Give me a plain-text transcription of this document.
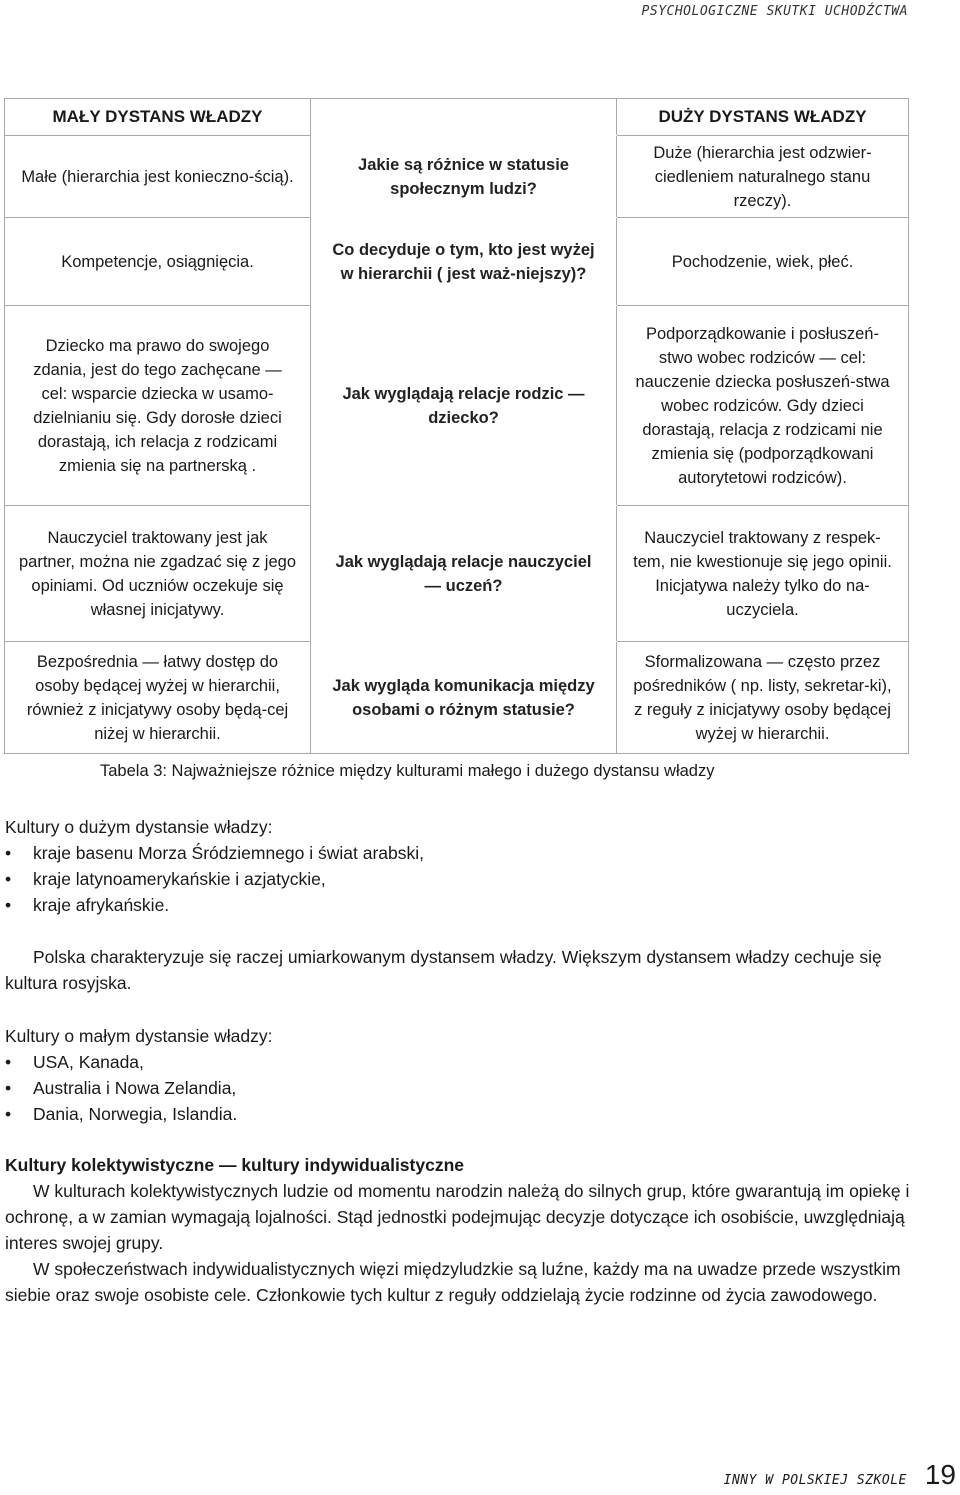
PSYCHOLOGICZNE SKUTKI UCHODŹCTWA
MAŁY DYSTANS WŁADZY		DUŻY DYSTANS WŁADZY
Małe (hierarchia jest konieczno-ścią).	Jakie są różnice w statusie społecznym ludzi?	Duże (hierarchia jest odzwier-ciedleniem naturalnego stanu rzeczy).
Kompetencje, osiągnięcia.	Co decyduje o tym, kto jest wyżej w hierarchii ( jest waż-niejszy)?	Pochodzenie, wiek, płeć.
Dziecko ma prawo do swojego zdania, jest do tego zachęcane — cel: wsparcie dziecka w usamo-dzielnianiu się. Gdy dorosłe dzieci dorastają, ich relacja z rodzicami zmienia się na partnerską .	Jak wyglądają relacje rodzic — dziecko?	Podporządkowanie i posłuszeń-stwo wobec rodziców — cel: nauczenie dziecka posłuszeń-stwa wobec rodziców. Gdy dzieci dorastają, relacja z rodzicami nie zmienia się (podporządkowani autorytetowi rodziców).
Nauczyciel traktowany jest jak partner, można nie zgadzać się z jego opiniami. Od uczniów oczekuje się własnej inicjatywy.	Jak wyglądają relacje nauczyciel — uczeń?	Nauczyciel traktowany z respek-tem, nie kwestionuje się jego opinii. Inicjatywa należy tylko do na-uczyciela.
Bezpośrednia — łatwy dostęp do osoby będącej wyżej w hierarchii, również z inicjatywy osoby będą-cej niżej w hierarchii.	Jak wygląda komunikacja między osobami o różnym statusie?	Sformalizowana — często przez pośredników ( np. listy, sekretar-ki), z reguły z inicjatywy osoby będącej wyżej w hierarchii.
Tabela 3: Najważniejsze różnice między kulturami małego i dużego dystansu władzy

Kultury o dużym dystansie władzy:

• kraje basenu Morza Śródziemnego i świat arabski,
• kraje latynoamerykańskie i azjatyckie,
• kraje afrykańskie.

Polska charakteryzuje się raczej umiarkowanym dystansem władzy. Większym dystansem władzy cechuje się kultura rosyjska.

Kultury o małym dystansie władzy:

• USA, Kanada,
• Australia i Nowa Zelandia,
• Dania, Norwegia, Islandia.

Kultury kolektywistyczne — kultury indywidualistyczne

W kulturach kolektywistycznych ludzie od momentu narodzin należą do silnych grup, które gwarantują im opiekę i ochronę, a w zamian wymagają lojalności. Stąd jednostki podejmując decyzje dotyczące ich osobiście, uwzględniają interes swojej grupy.

W społeczeństwach indywidualistycznych więzi międzyludzkie są luźne, każdy ma na uwadze przede wszystkim siebie oraz swoje osobiste cele. Członkowie tych kultur z reguły oddzielają życie rodzinne od życia zawodowego.

INNY W POLSKIEJ SZKOLE 19
